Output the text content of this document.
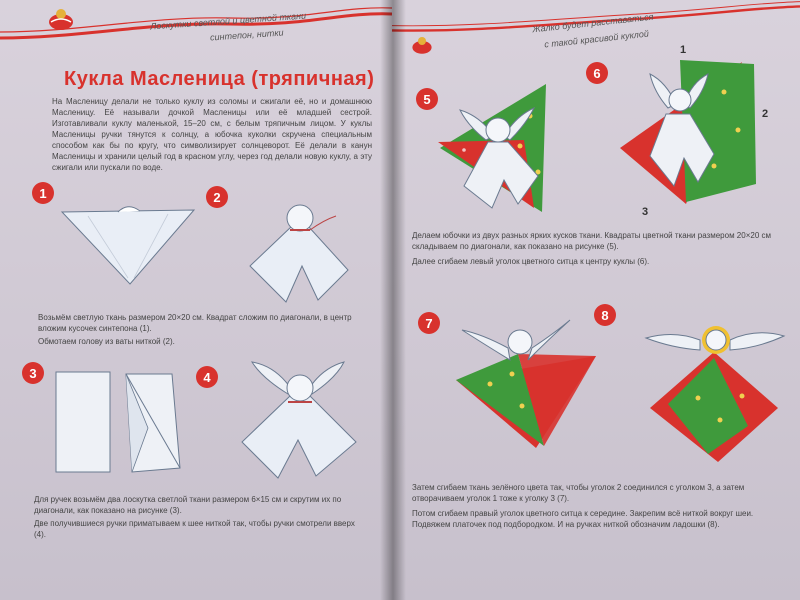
Лоскутки светлой и цветной ткани
синтепон, нитки
Кукла Масленица (тряпичная)
На Масленицу делали не только куклу из соломы и сжигали её, но и домашнюю Масленицу. Её называли дочкой Масленицы или её младшей сестрой. Изготавливали куклу маленькой, 15–20 см, с белым тряпичным лицом. У куклы Масленицы ручки тянутся к солнцу, а юбочка куколки скручена специальным способом как бы по кругу, что символизирует солнцеворот. Её делали в канун Масленицы и хранили целый год в красном углу, через год делали новую куклу, а эту сжигали или пускали по воде.
1	2
Возьмём светлую ткань размером 20×20 см. Квадрат сложим по диагонали, в центр вложим кусочек синтепона (1).
Обмотаем голову из ваты ниткой (2).
3	4
Для ручек возьмём два лоскутка светлой ткани размером 6×15 см и скрутим их по диагонали, как показано на рисунке (3).
Две получившиеся ручки приматываем к шее ниткой так, чтобы ручки смотрели вверх (4).
Жалко будет расставаться
с такой красивой куклой
5
6
1
2
3
Делаем юбочки из двух разных ярких кусков ткани. Квадраты цветной ткани размером 20×20 см складываем по диагонали, как показано на рисунке (5).
Далее сгибаем левый уголок цветного ситца к центру куклы (6).
7
8
Затем сгибаем ткань зелёного цвета так, чтобы уголок 2 соединился с уголком 3, а затем отворачиваем уголок 1 тоже к уголку 3 (7).
Потом сгибаем правый уголок цветного ситца к середине. Закрепим всё ниткой вокруг шеи. Подвяжем платочек под подбородком. И на ручках ниткой обозначим ладошки (8).
